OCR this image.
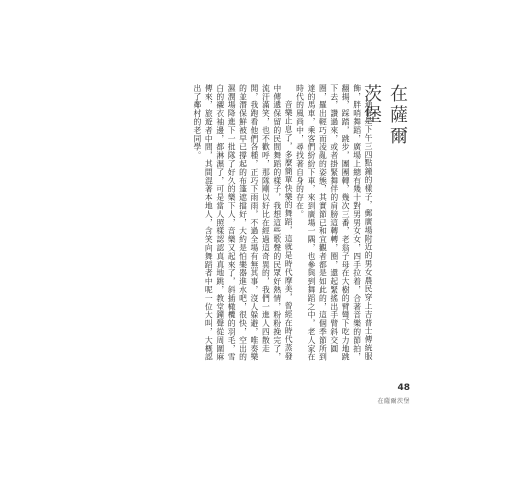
在薩爾茨堡

通常是下午三四點鐘的樣子，郵廣場附近的男女農民穿上吉普士傳統服飾，胖哨舞蹈，廣場上總有幾十對男男女女，四手拉着，合著音樂的節拍，翻揚，踩踏，跳步，團團轉，幾次三番，老翁子母在大樹的臂彎下吃力地跳下去，讚過來，或者掛緊舞伴的肩膀這轉轉，圈，還起緊搖出手臂斜交圓圈，羅出輕巧而凌亂的姿態，其實節已和宜觀者都是如此的，這個季節所到達的馬車，乘客們紛紛下車，來到廣場一隅，也參與到舞蹈之中，老人家在時代的風尚中，尋找著自身的存在。

音樂止息了，多麼簡單快樂的舞蹈，這就是時代摩美，曾經在時代蒸發中傳遞保留的民間舞蹈的樣子，我想這些歌聲的民眾好熱情，粉粉挽完了，流汗滿笑，也不歡呼，那隊剛以好比在經過這奇異的，我們一進人四散走開，我跑看他們各種，正巧下雨雨，不過全場有無其事，沒人躲避，唯奏樂的並潛保鮮被早已撐起的布篷遮擋好，大約是怕樂器進水吧，很快，空出的濕潤場降進下一批隊了好久的樂下人，音樂又起來了，斜插橄欖的羽毛，雪白的襯衣袖邊，都淋濕了，可是當人照樣認認真真地跳，教堂鐘聲從周圍麻傳來，旅遊者中間，其間混著本地人，含笑向舞蹈者中呢一位大叫，大概認出了鄰村的老同學。

48
在薩爾茨堡
